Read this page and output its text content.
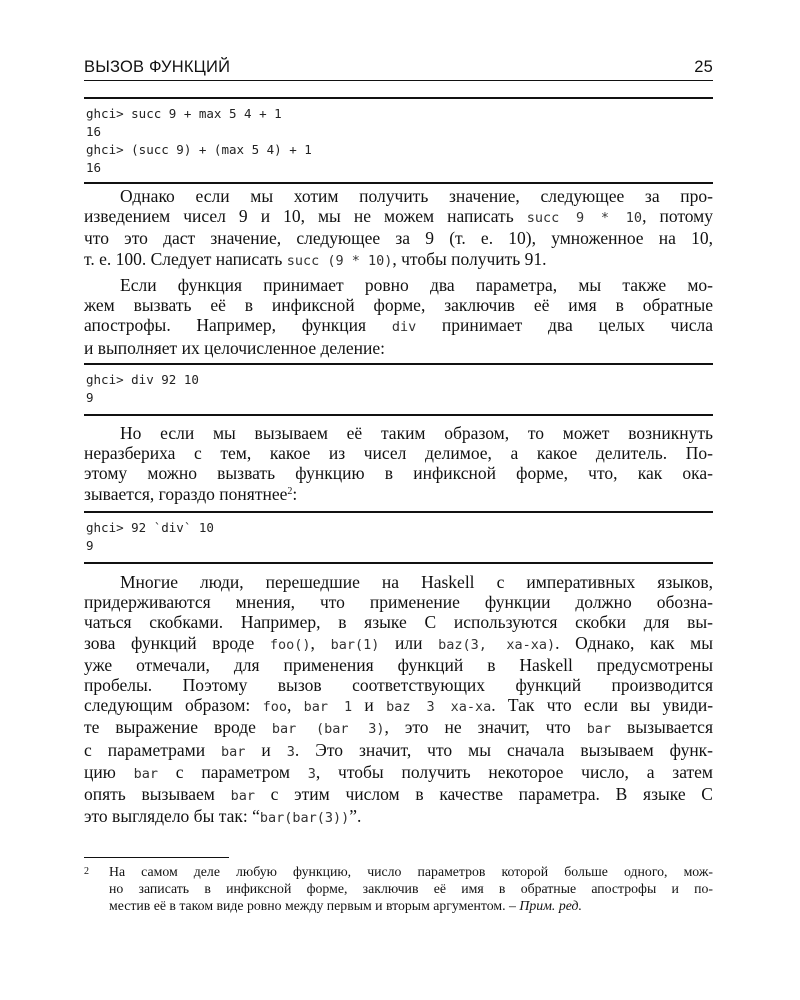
ВЫЗОВ ФУНКЦИЙ	25
ghci> succ 9 + max 5 4 + 1
16
ghci> (succ 9) + (max 5 4) + 1
16
Однако если мы хотим получить значение, следующее за про-
изведением чисел 9 и 10, мы не можем написать succ 9 * 10, потому
что это даст значение, следующее за 9 (т. е. 10), умноженное на 10,
т. е. 100. Следует написать succ (9 * 10), чтобы получить 91.
Если функция принимает ровно два параметра, мы также мо-
жем вызвать её в инфиксной форме, заключив её имя в обратные
апострофы. Например, функция div принимает два целых числа
и выполняет их целочисленное деление:
ghci> div 92 10
9
Но если мы вызываем её таким образом, то может возникнуть
неразбериха с тем, какое из чисел делимое, а какое делитель. По-
этому можно вызвать функцию в инфиксной форме, что, как ока-
зывается, гораздо понятнее$^2$:
ghci> 92 `div` 10
9
Многие люди, перешедшие на Haskell с императивных языков,
придерживаются мнения, что применение функции должно обозна-
чаться скобками. Например, в языке C используются скобки для вы-
зова функций вроде foo(), bar(1) или baz(3, xa-xa). Однако, как мы
уже отмечали, для применения функций в Haskell предусмотрены
пробелы. Поэтому вызов соответствующих функций производится
следующим образом: foo, bar 1 и baz 3 xa-xa. Так что если вы увиди-
те выражение вроде bar (bar 3), это не значит, что bar вызывается
с параметрами bar и 3. Это значит, что мы сначала вызываем функ-
цию bar с параметром 3, чтобы получить некоторое число, а затем
опять вызываем bar с этим числом в качестве параметра. В языке C
это выглядело бы так: “bar(bar(3))”.
2 На самом деле любую функцию, число параметров которой больше одного, мож-
но записать в инфиксной форме, заключив её имя в обратные апострофы и по-
местив её в таком виде ровно между первым и вторым аргументом. – Прим. ред.
